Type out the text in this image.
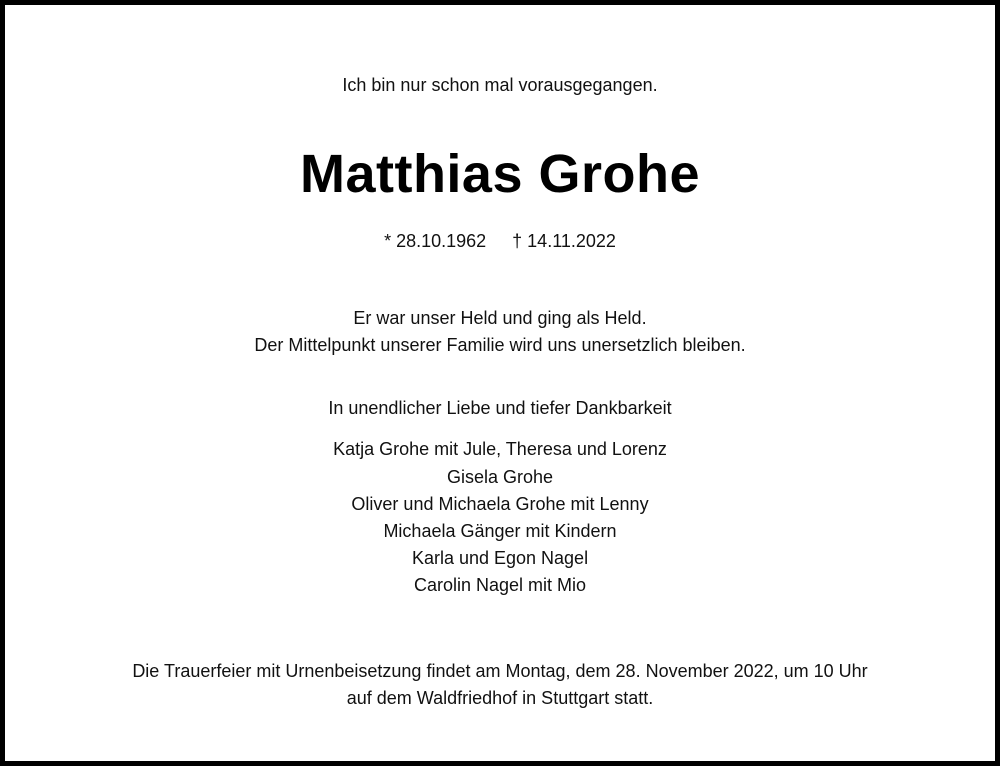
Ich bin nur schon mal vorausgegangen.
Matthias Grohe
* 28.10.1962 † 14.11.2022
Er war unser Held und ging als Held.
Der Mittelpunkt unserer Familie wird uns unersetzlich bleiben.
In unendlicher Liebe und tiefer Dankbarkeit
Katja Grohe mit Jule, Theresa und Lorenz
Gisela Grohe
Oliver und Michaela Grohe mit Lenny
Michaela Gänger mit Kindern
Karla und Egon Nagel
Carolin Nagel mit Mio
Die Trauerfeier mit Urnenbeisetzung findet am Montag, dem 28. November 2022, um 10 Uhr
auf dem Waldfriedhof in Stuttgart statt.
